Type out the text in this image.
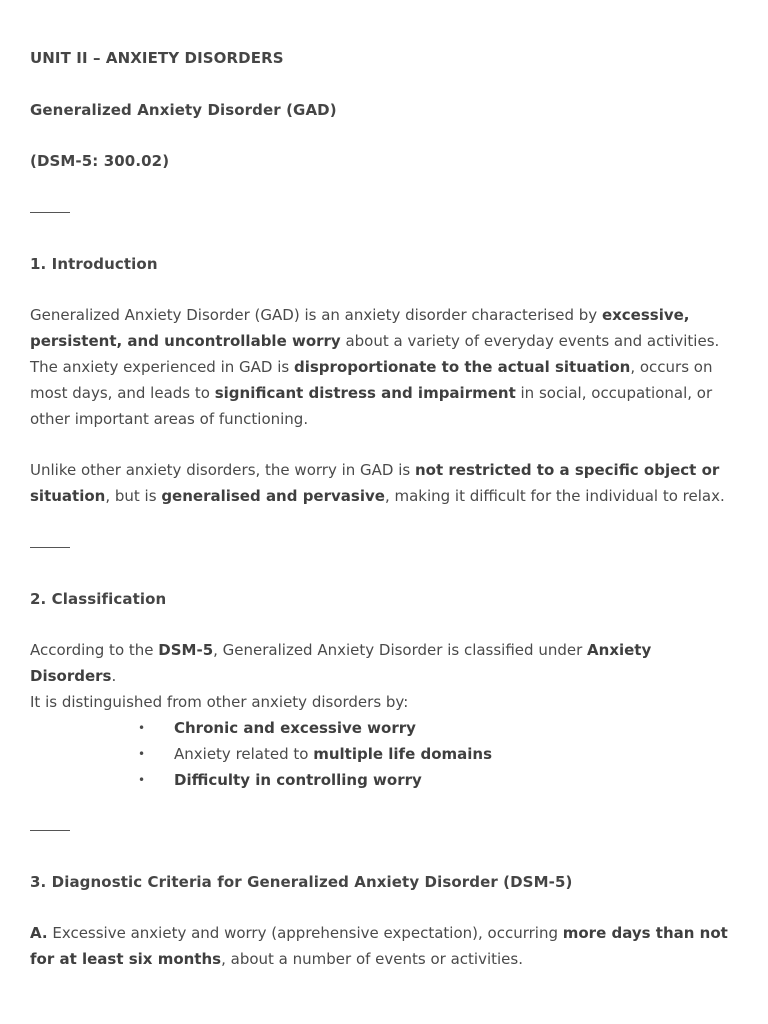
UNIT II – ANXIETY DISORDERS

Generalized Anxiety Disorder (GAD)

(DSM-5: 300.02)

1. Introduction

Generalized Anxiety Disorder (GAD) is an anxiety disorder characterised by excessive, persistent, and uncontrollable worry about a variety of everyday events and activities. The anxiety experienced in GAD is disproportionate to the actual situation, occurs on most days, and leads to significant distress and impairment in social, occupational, or other important areas of functioning.

Unlike other anxiety disorders, the worry in GAD is not restricted to a specific object or situation, but is generalised and pervasive, making it difficult for the individual to relax.

2. Classification

According to the DSM-5, Generalized Anxiety Disorder is classified under Anxiety Disorders.

It is distinguished from other anxiety disorders by:

• Chronic and excessive worry
• Anxiety related to multiple life domains
• Difficulty in controlling worry

3. Diagnostic Criteria for Generalized Anxiety Disorder (DSM-5)

A. Excessive anxiety and worry (apprehensive expectation), occurring more days than not for at least six months, about a number of events or activities.
